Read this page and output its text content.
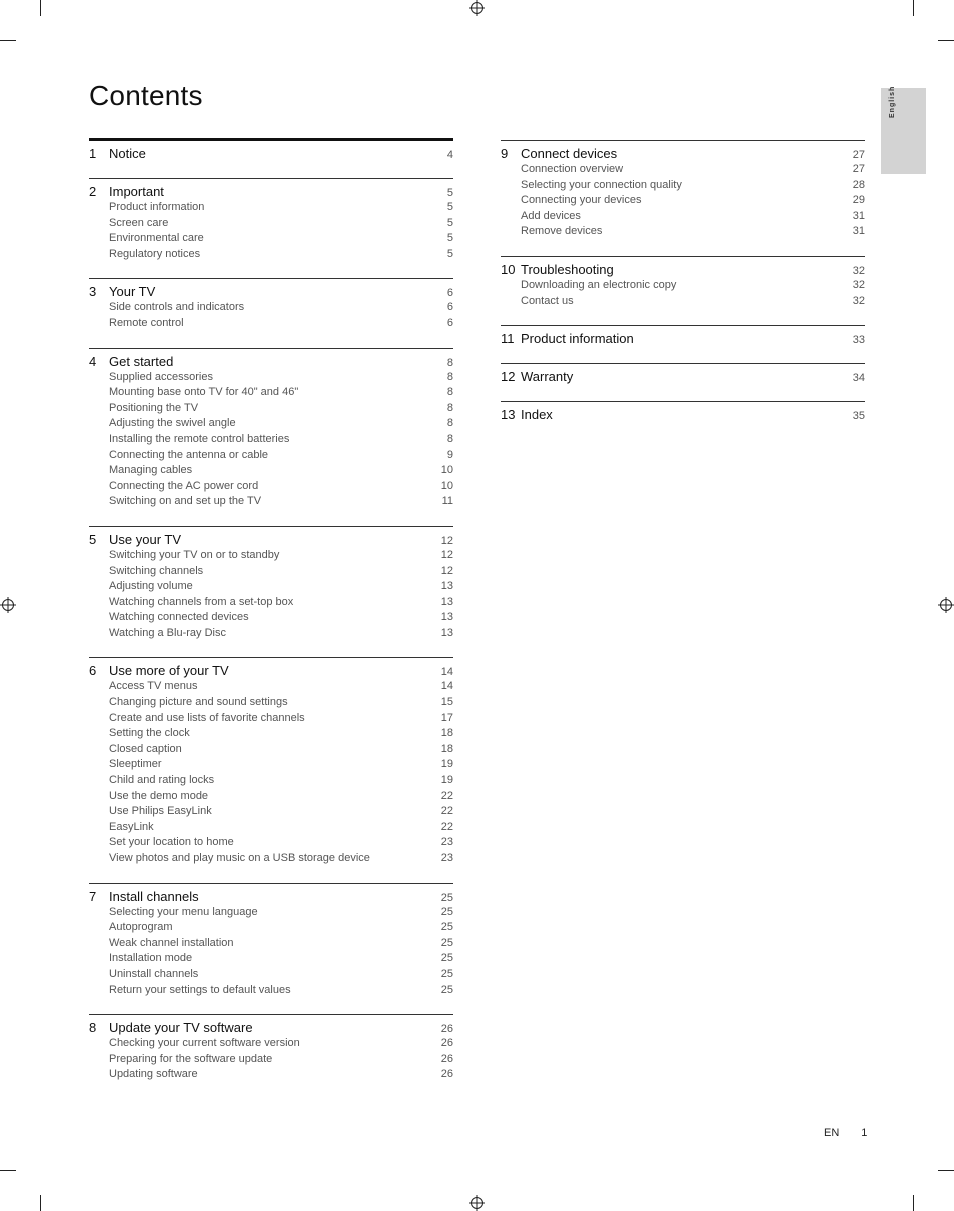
Contents	English
1 Notice	4
2 Important	5
Product information	5
Screen care	5
Environmental care	5
Regulatory notices	5
3 Your TV	6
Side controls and indicators	6
Remote control	6
4 Get started	8
Supplied accessories	8
Mounting base onto TV for 40" and 46"	8
Positioning the TV	8
Adjusting the swivel angle	8
Installing the remote control batteries	8
Connecting the antenna or cable	9
Managing cables	10
Connecting the AC power cord	10
Switching on and set up the TV	11
5 Use your TV	12
Switching your TV on or to standby	12
Switching channels	12
Adjusting volume	13
Watching channels from a set-top box	13
Watching connected devices	13
Watching a Blu-ray Disc	13
6 Use more of your TV	14
Access TV menus	14
Changing picture and sound settings	15
Create and use lists of favorite channels	17
Setting the clock	18
Closed caption	18
Sleeptimer	19
Child and rating locks	19
Use the demo mode	22
Use Philips EasyLink	22
EasyLink	22
Set your location to home	23
View photos and play music on a USB storage device	23
7 Install channels	25
Selecting your menu language	25
Autoprogram	25
Weak channel installation	25
Installation mode	25
Uninstall channels	25
Return your settings to default values	25
8 Update your TV software	26
Checking your current software version	26
Preparing for the software update	26
Updating software	26
9 Connect devices	27
Connection overview	27
Selecting your connection quality	28
Connecting your devices	29
Add devices	31
Remove devices	31
10 Troubleshooting	32
Downloading an electronic copy	32
Contact us	32
11 Product information	33
12 Warranty	34
13 Index	35
EN 1
